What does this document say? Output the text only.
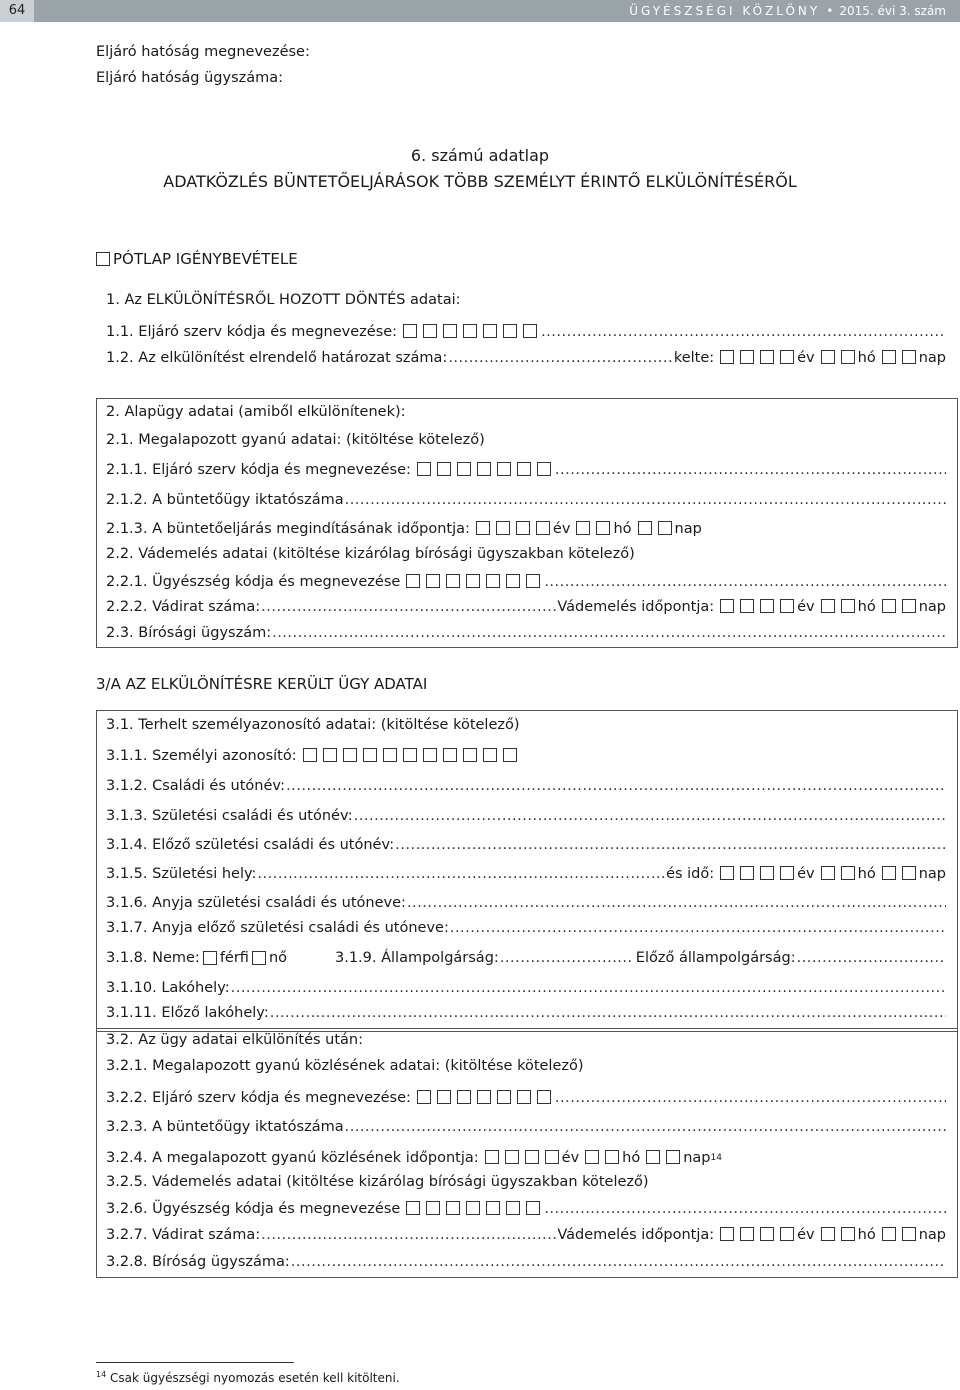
64	ÜGYÉSZSÉGI KÖZLÖNY • 2015. évi 3. szám
Eljáró hatóság megnevezése:
Eljáró hatóság ügyszáma:
6. számú adatlap
ADATKÖZLÉS BÜNTETŐELJÁRÁSOK TÖBB SZEMÉLYT ÉRINTŐ ELKÜLÖNÍTÉSÉRŐL
PÓTLAP IGÉNYBEVÉTELE
1. Az ELKÜLÖNÍTÉSRŐL HOZOTT DÖNTÉS adatai:
1.1. Eljáró szerv kódja és megnevezése:
.....
1.2. Az elkülönítést elrendelő határozat száma: .....	kelte:	év	hó	nap
2. Alapügy adatai (amiből elkülönítenek):
2.1. Megalapozott gyanú adatai: (kitöltése kötelező)
2.1.1. Eljáró szerv kódja és megnevezése:
.....
2.1.2. A büntetőügy iktatószáma
.....
2.1.3. A büntetőeljárás megindításának időpontja:	év	hó	nap
2.2. Vádemelés adatai (kitöltése kizárólag bírósági ügyszakban kötelező)
2.2.1. Ügyészség kódja és megnevezése
.....
2.2.2. Vádirat száma: .....	Vádemelés időpontja:	év	hó	nap
2.3. Bírósági ügyszám:
.....
3/A AZ ELKÜLÖNÍTÉSRE KERÜLT ÜGY ADATAI
3.1. Terhelt személyazonosító adatai: (kitöltése kötelező)
3.1.1. Személyi azonosító:
3.1.2. Családi és utónév:
.....
3.1.3. Születési családi és utónév:
.....
3.1.4. Előző születési családi és utónév:
.....
3.1.5. Születési hely: .....	és idő:	év	hó	nap
3.1.6. Anyja születési családi és utóneve:
.....
3.1.7. Anyja előző születési családi és utóneve:
.....
3.1.8. Neme: férfi nő	3.1.9. Állampolgárság: .....	Előző állampolgárság:
.....
3.1.10. Lakóhely:
.....
3.1.11. Előző lakóhely:
.....
3.2. Az ügy adatai elkülönítés után:
3.2.1. Megalapozott gyanú közlésének adatai: (kitöltése kötelező)
3.2.2. Eljáró szerv kódja és megnevezése:
.....
3.2.3. A büntetőügy iktatószáma
.....
3.2.4. A megalapozott gyanú közlésének időpontja:	év	hó	nap 14
3.2.5. Vádemelés adatai (kitöltése kizárólag bírósági ügyszakban kötelező)
3.2.6. Ügyészség kódja és megnevezése
.....
3.2.7. Vádirat száma: .....	Vádemelés időpontja:	év	hó	nap
3.2.8. Bíróság ügyszáma:
.....
$^{14}$ Csak ügyészségi nyomozás esetén kell kitölteni.
